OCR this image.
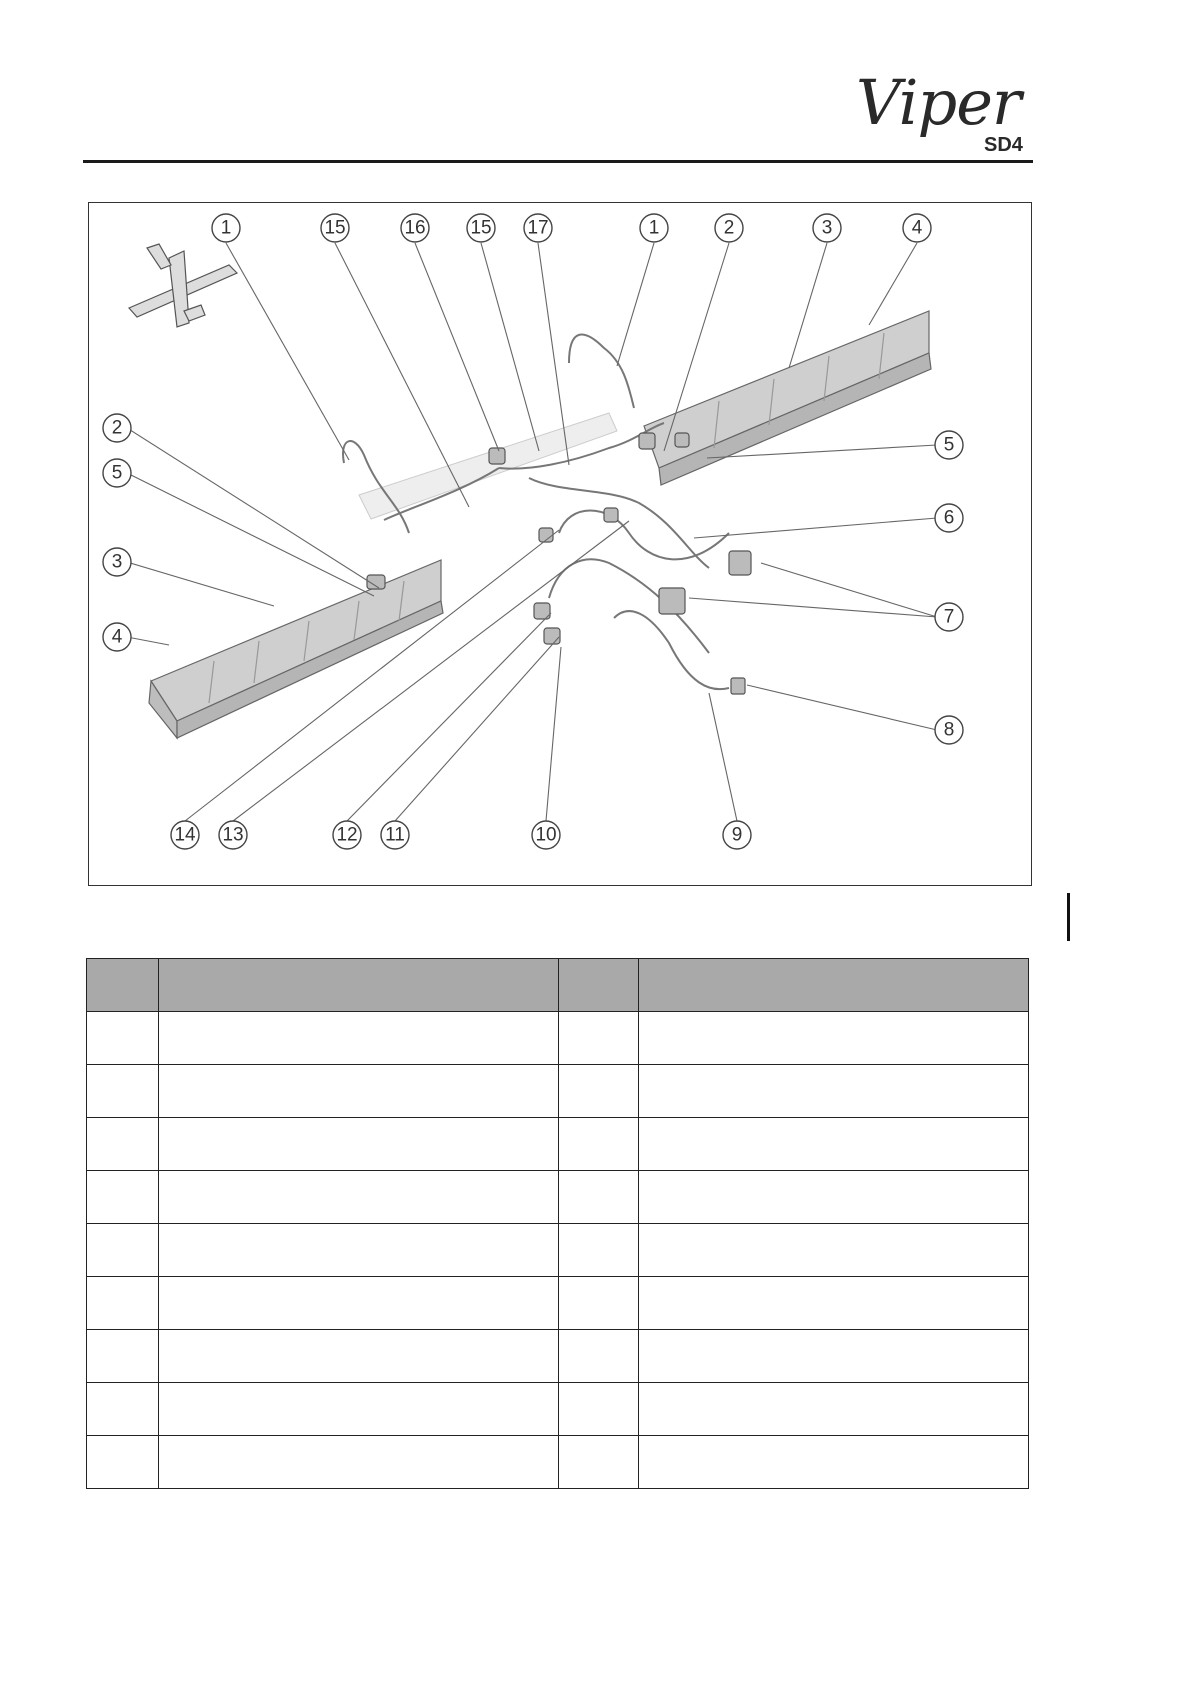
Viper
SD4
1	15	16 15 17	1	2	3	4
2
5
3
4
5
6
7
8
14 13	12 11	10	9
